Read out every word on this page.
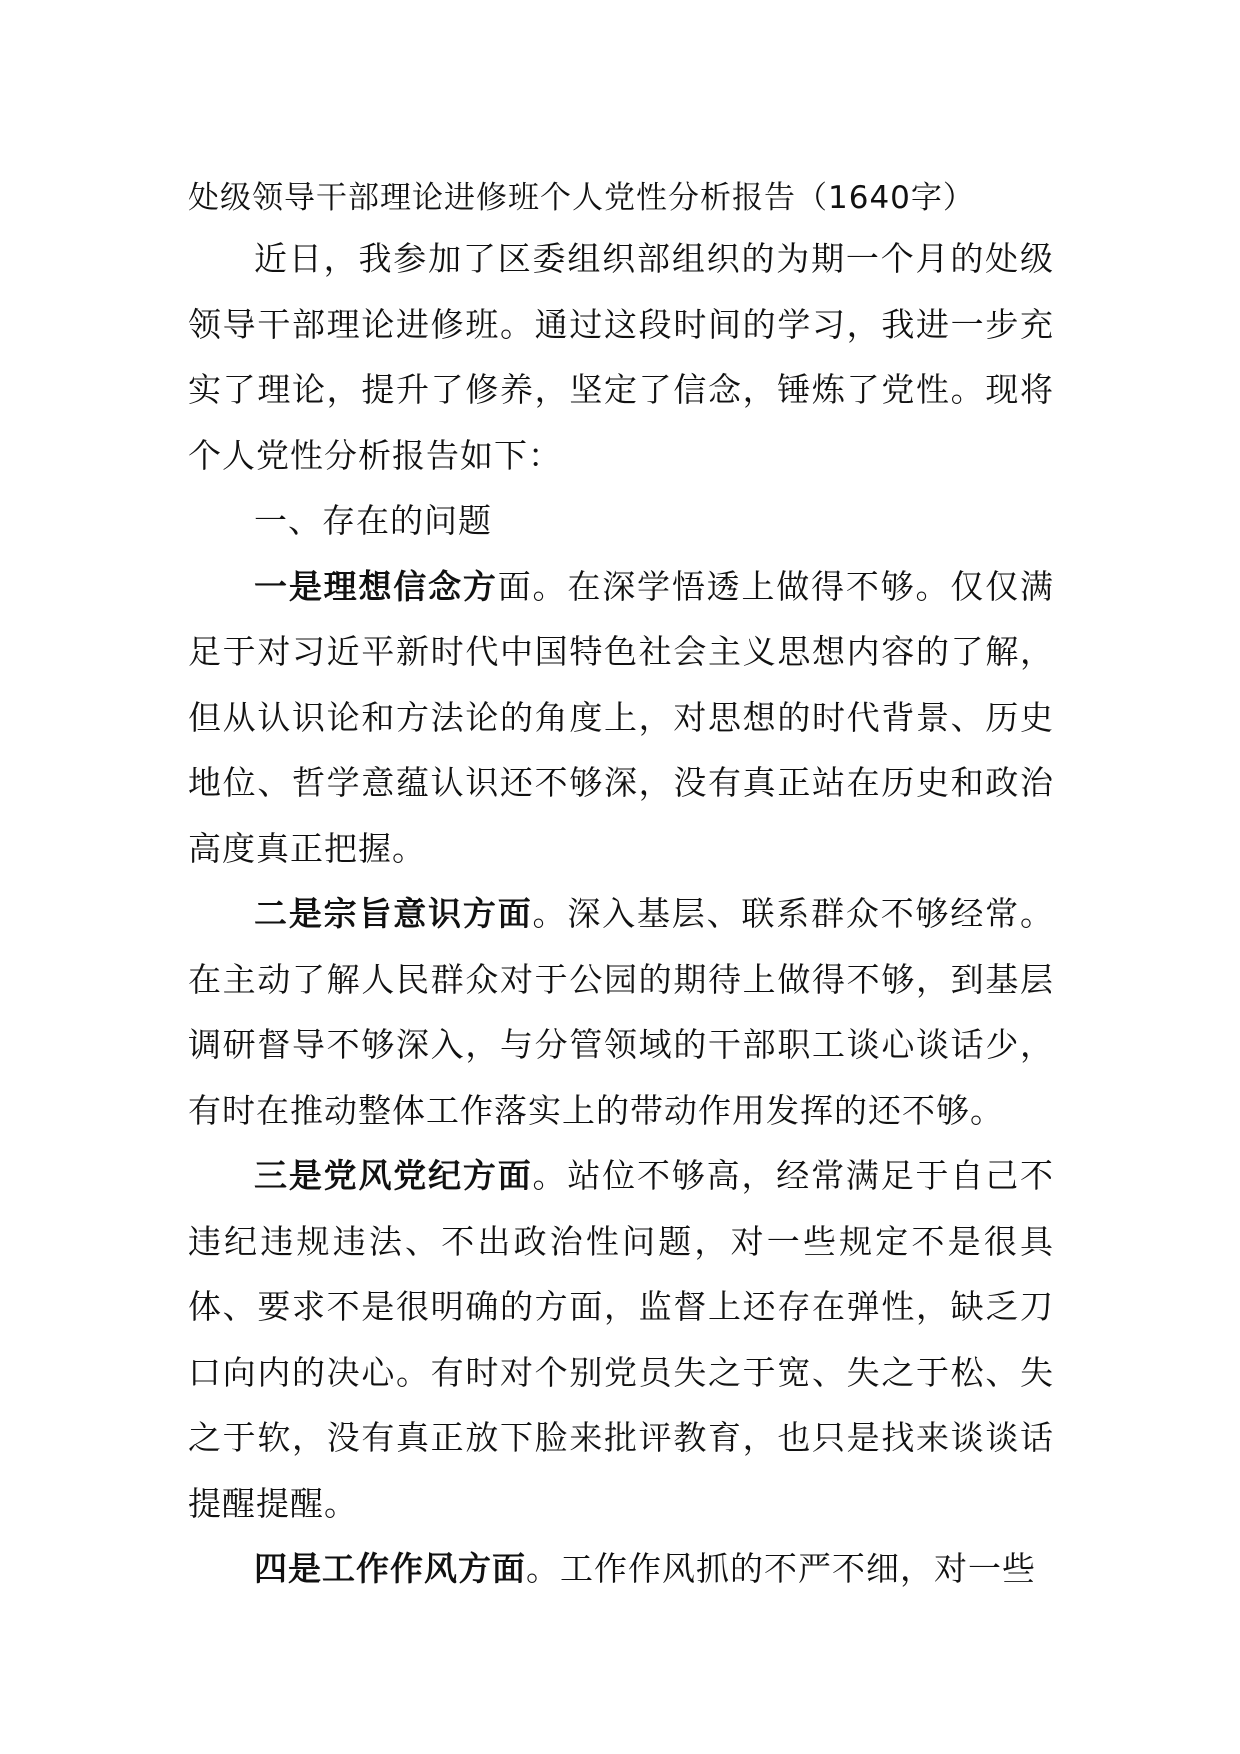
处级领导干部理论进修班个人党性分析报告（1640字）

近日，我参加了区委组织部组织的为期一个月的处级领导干部理论进修班。通过这段时间的学习，我进一步充实了理论，提升了修养，坚定了信念，锤炼了党性。现将个人党性分析报告如下：

一、存在的问题

一是理想信念方面。在深学悟透上做得不够。仅仅满足于对习近平新时代中国特色社会主义思想内容的了解，但从认识论和方法论的角度上，对思想的时代背景、历史地位、哲学意蕴认识还不够深，没有真正站在历史和政治高度真正把握。

二是宗旨意识方面。深入基层、联系群众不够经常。在主动了解人民群众对于公园的期待上做得不够，到基层调研督导不够深入，与分管领域的干部职工谈心谈话少，有时在推动整体工作落实上的带动作用发挥的还不够。

三是党风党纪方面。站位不够高，经常满足于自己不违纪违规违法、不出政治性问题，对一些规定不是很具体、要求不是很明确的方面，监督上还存在弹性，缺乏刀口向内的决心。有时对个别党员失之于宽、失之于松、失之于软，没有真正放下脸来批评教育，也只是找来谈谈话提醒提醒。

四是工作作风方面。工作作风抓的不严不细，对一些
